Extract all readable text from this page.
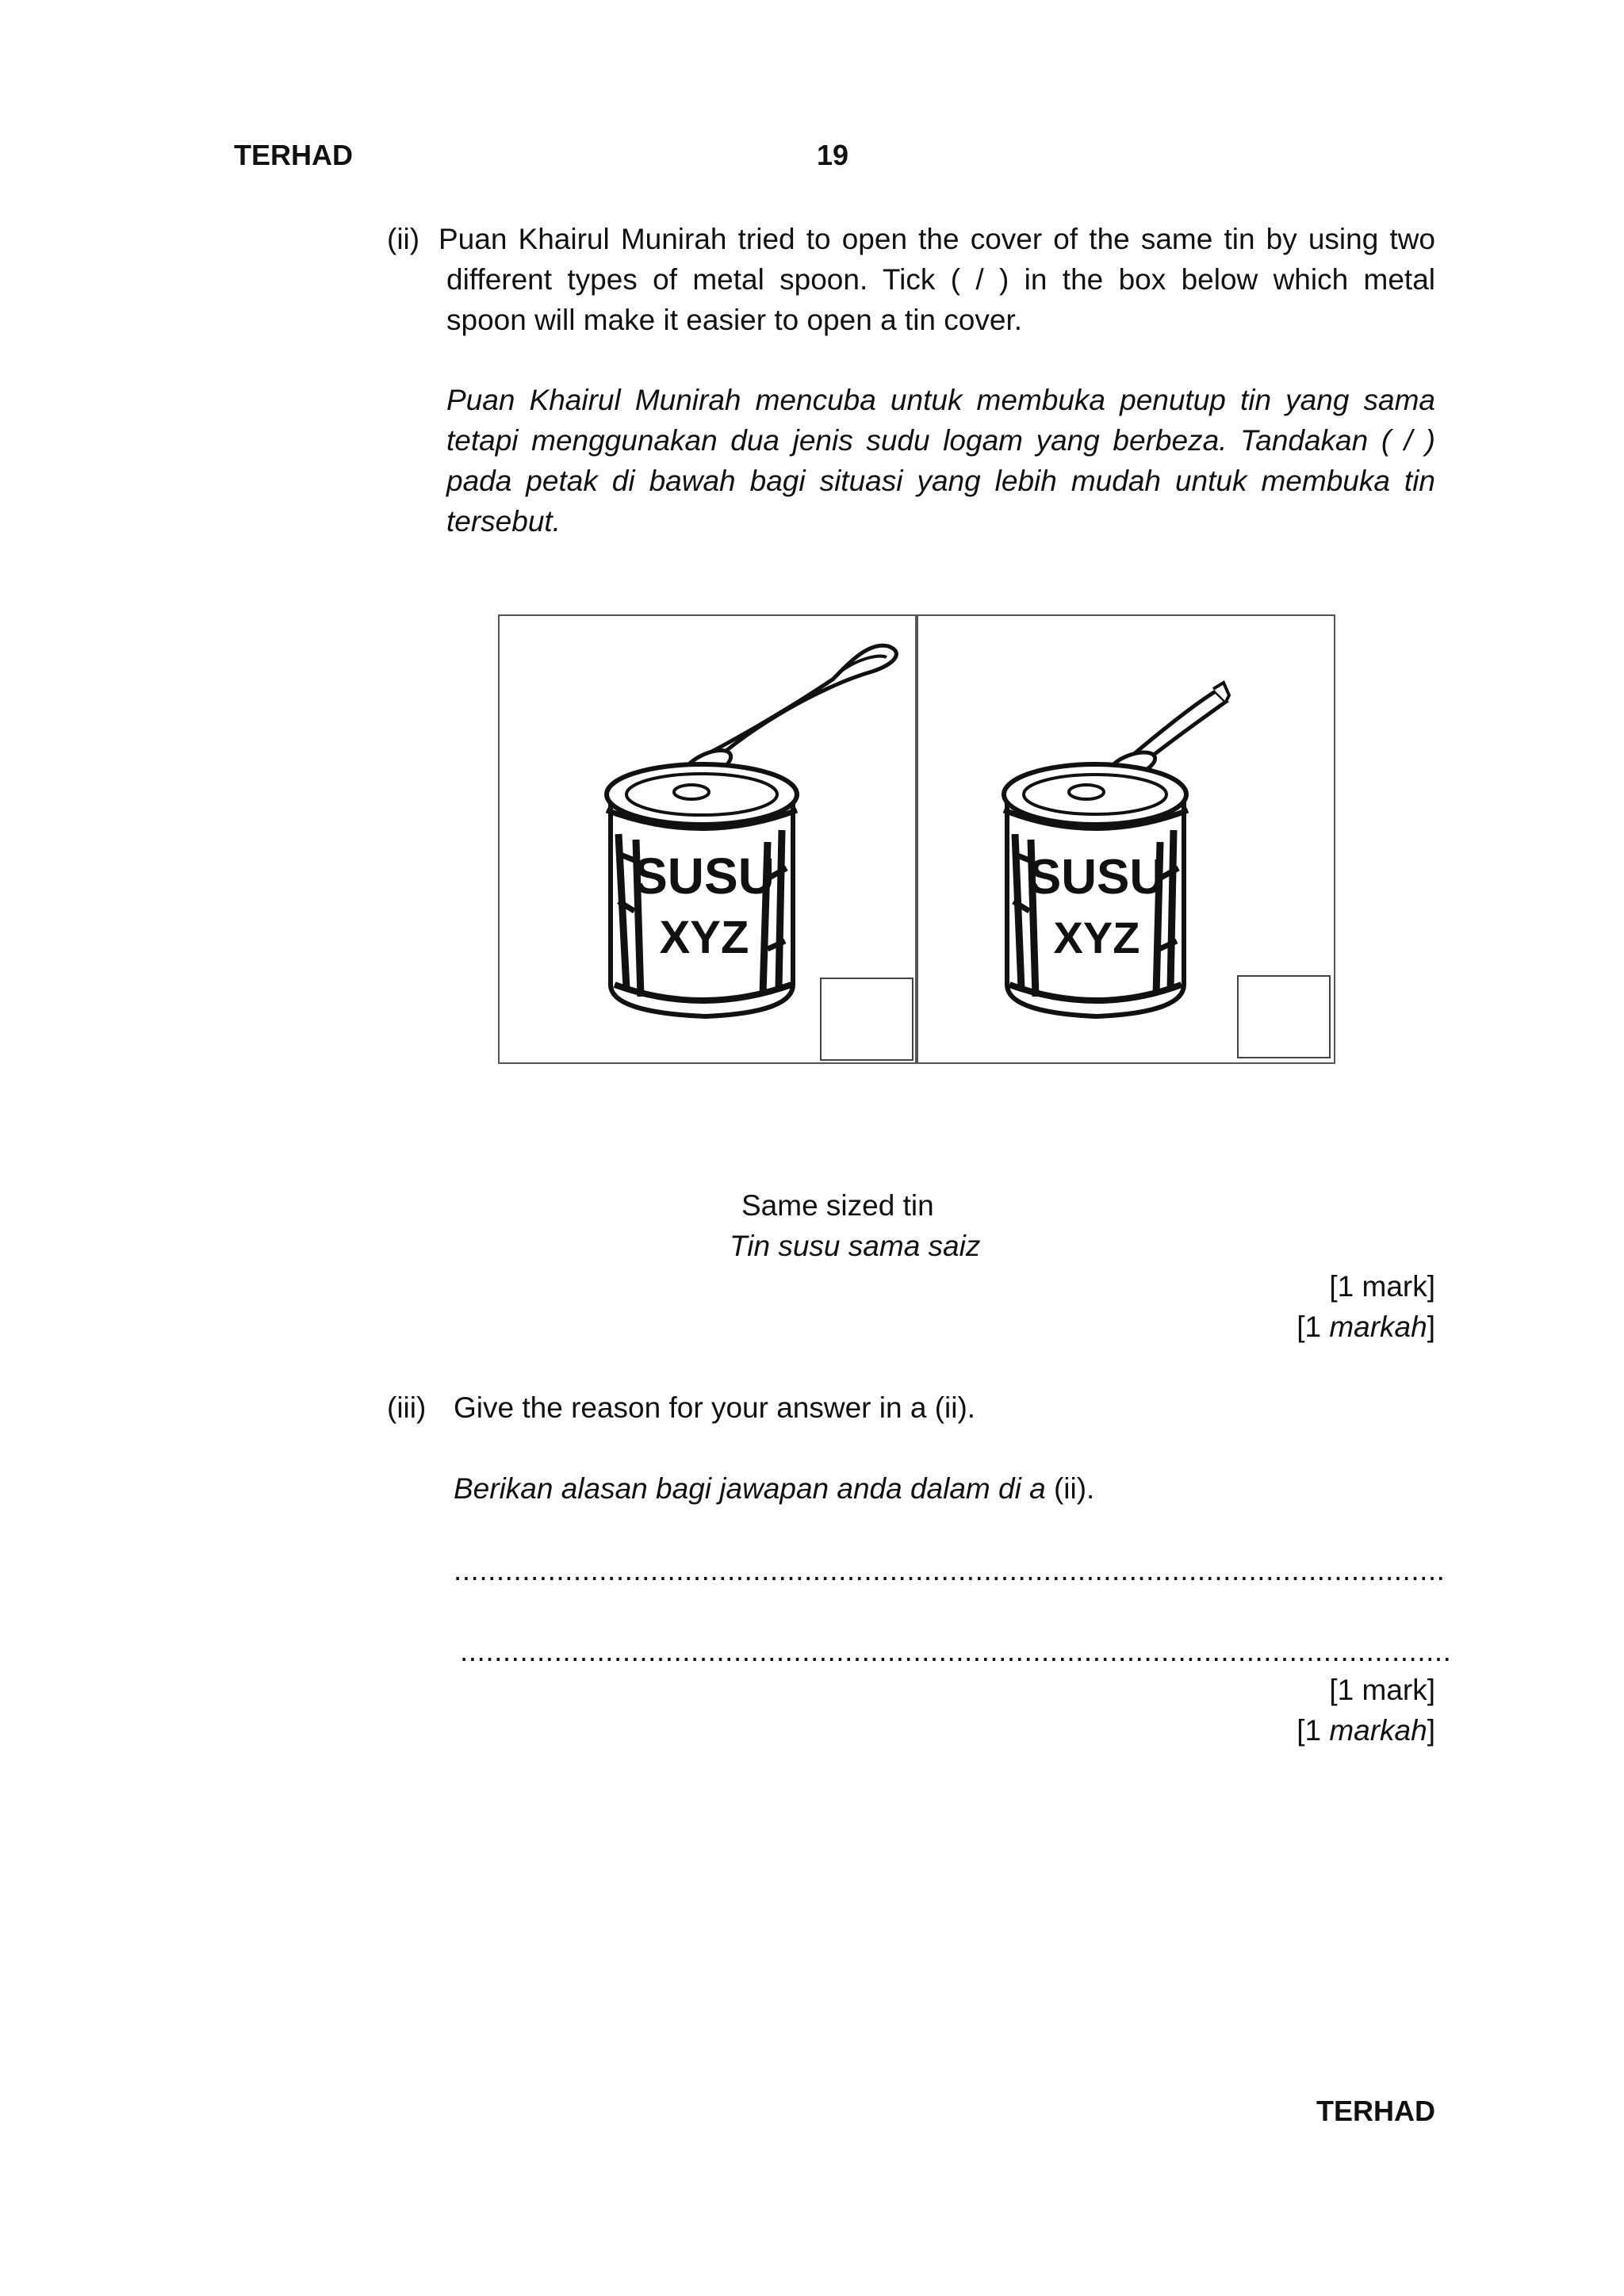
TERHAD	19
(ii) Puan Khairul Munirah tried to open the cover of the same tin by using two
different types of metal spoon. Tick ( / ) in the box below which metal
spoon will make it easier to open a tin cover.
Puan Khairul Munirah mencuba untuk membuka penutup tin yang sama
tetapi menggunakan dua jenis sudu logam yang berbeza. Tandakan ( / )
pada petak di bawah bagi situasi yang lebih mudah untuk membuka tin
tersebut.
SUSU
XYZ
SUSU
XYZ
Same sized tin
Tin susu sama saiz
[1 mark]
[1 markah]
(iii) Give the reason for your answer in a (ii).
Berikan alasan bagi jawapan anda dalam di a (ii).
....................................................................................................................
....................................................................................................................
[1 mark]
[1 markah]
TERHAD
